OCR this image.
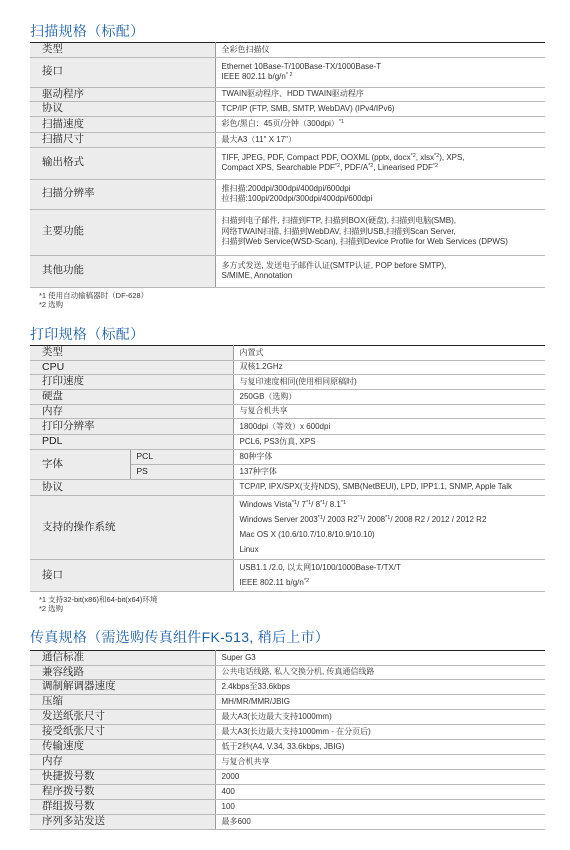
扫描规格（标配）
类型	全彩色扫描仪

接口	Ethernet 10Base-T/100Base-TX/1000Base-T
IEEE 802.11 $b/g/n^{* 2}$

驱动程序	TWAIN驱动程序、HDD TWAIN驱动程序

协议	TCP/IP (FTP, SMB, SMTP, WebDAV) (IPv4/IPv6)

扫描速度	彩色/黑白：45页/分钟$(300dpi)^{*1}$

扫描尺寸	最大A3（11" X 17"）

输出格式	TIFF, JPEG, PDF, Compact PDF, OOXML (pptx, docx$^{*2}$, xlsx$^{*2}$), XPS,
Compact XPS, Searchable PDF$^{*2}$, PDF/$A^{*2}$, Linearised PDF$^{*2}$

扫描分辨率	推扫描:200dpi/300dpi/400dpi/600dpi
拉扫描:100pi/200dpi/300dpi/400dpi/600dpi

主要功能	扫描到电子邮件, 扫描到FTP, 扫描到BOX(硬盘), 扫描到电脑(SMB),
网络TWAIN扫描, 扫描到WebDAV, 扫描到USB,扫描到Scan Server,
扫描到Web Service(WSD-Scan), 扫描到Device Profile for Web Services (DPWS)

其他功能	多方式发送, 发送电子邮件认证(SMTP认证, POP before SMTP),
S/MIME, Annotation
*1 使用自动输稿器时（DF-628）
*2 选购
打印规格（标配）
类型		内置式

CPU		双核1.2GHz

打印速度		与复印速度相同(使用相同原稿时)

硬盘		250GB（选购）

内存		与复合机共享

打印分辨率		1800dpi（等效）x 600dpi

PDL		PCL6, PS3仿真, XPS

字体	PCL	80种字体

	PS	137种字体

协议		TCP/IP, IPX/SPX(支持NDS), SMB(NetBEUI), LPD, IPP1.1, SNMP, Apple Talk

支持的操作系统		Windows Vista$^{*1}$/ 7$^{*1}$/ 8$^{*1}$/ 8.1$^{*1}$
Windows Server 2003$^{*1}$/ 2003 R2$^{*1}$/ 2008$^{*1}$/ 2008 R2 / 2012 / 2012 R2
Mac OS X (10.6/10.7/10.8/10.9/10.10)
Linux

接口		USB1.1 /2.0, 以太网10/100/1000Base-T/TX/T
IEEE 802.11 $b/g/n^{*2}$
*1 支持32-bit(x86)和64-bit(x64)环境
*2 选购
传真规格（需选购传真组件FK-513, 稍后上市）
通信标准	Super G3

兼容线路	公共电话线路, 私人交换分机, 传真通信线路

调制解调器速度	2.4kbps至33.6kbps

压缩	MH/MR/MMR/JBIG

发送纸张尺寸	最大A3(长边最大支持1000mm)

接受纸张尺寸	最大A3(长边最大支持1000mm - 在分页后)

传输速度	低于2秒(A4, V.34, 33.6kbps, JBIG)

内存	与复合机共享

快捷拨号数	2000

程序拨号数	400

群组拨号数	100

序列多站发送	最多600
